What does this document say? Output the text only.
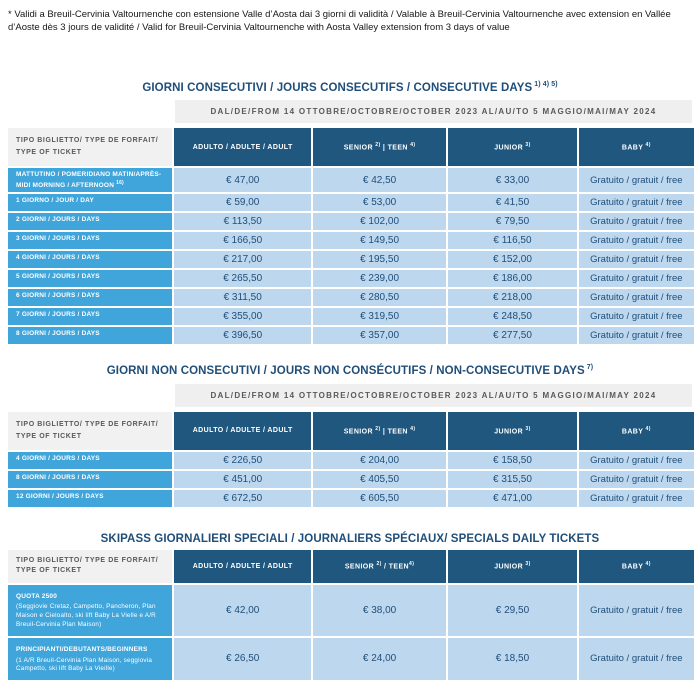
* Validi a Breuil-Cervinia Valtournenche con estensione Valle d’Aosta dai 3 giorni di validità / Valable à Breuil-Cervinia Valtournenche avec extension en Vallée d’Aoste dès 3 jours de validité / Valid for Breuil-Cervinia Valtournenche with Aosta Valley extension from 3 days of value
GIORNI CONSECUTIVI / JOURS CONSECUTIFS / CONSECUTIVE DAYS $^{1) 4) 5)}$
DAL/DE/FROM 14 OTTOBRE/OCTOBRE/OCTOBER 2023 AL/AU/TO 5 MAGGIO/MAI/MAY 2024
TIPO BIGLIETTO/ TYPE DE FORFAIT/ TYPE OF TICKET	ADULTO / ADULTE / ADULT	SENIOR $^{2)}$ | TEEN $^{4)}$	JUNIOR $^{3)}$	BABY $^{4)}$
MATTUTINO / POMERIDIANO MATIN/APRÈS-MIDI MORNING / AFTERNOON $^{16)}$	€ 47,00	€ 42,50	€ 33,00	Gratuito / gratuit / free
1 GIORNO / JOUR / DAY	€ 59,00	€ 53,00	€ 41,50	Gratuito / gratuit / free
2 GIORNI / JOURS / DAYS	€ 113,50	€ 102,00	€ 79,50	Gratuito / gratuit / free
3 GIORNI / JOURS / DAYS	€ 166,50	€ 149,50	€ 116,50	Gratuito / gratuit / free
4 GIORNI / JOURS / DAYS	€ 217,00	€ 195,50	€ 152,00	Gratuito / gratuit / free
5 GIORNI / JOURS / DAYS	€ 265,50	€ 239,00	€ 186,00	Gratuito / gratuit / free
6 GIORNI / JOURS / DAYS	€ 311,50	€ 280,50	€ 218,00	Gratuito / gratuit / free
7 GIORNI / JOURS / DAYS	€ 355,00	€ 319,50	€ 248,50	Gratuito / gratuit / free
8 GIORNI / JOURS / DAYS	€ 396,50	€ 357,00	€ 277,50	Gratuito / gratuit / free
GIORNI NON CONSECUTIVI / JOURS NON CONSÉCUTIFS / NON-CONSECUTIVE DAYS $^{7)}$
DAL/DE/FROM 14 OTTOBRE/OCTOBRE/OCTOBER 2023 AL/AU/TO 5 MAGGIO/MAI/MAY 2024
TIPO BIGLIETTO/ TYPE DE FORFAIT/ TYPE OF TICKET	ADULTO / ADULTE / ADULT	SENIOR $^{2)}$ | TEEN $^{4)}$	JUNIOR $^{3)}$	BABY $^{4)}$
4 GIORNI / JOURS / DAYS	€ 226,50	€ 204,00	€ 158,50	Gratuito / gratuit / free
8 GIORNI / JOURS / DAYS	€ 451,00	€ 405,50	€ 315,50	Gratuito / gratuit / free
12 GIORNI / JOURS / DAYS	€ 672,50	€ 605,50	€ 471,00	Gratuito / gratuit / free
SKIPASS GIORNALIERI SPECIALI / JOURNALIERS SPÉCIAUX/ SPECIALS DAILY TICKETS
TIPO BIGLIETTO/ TYPE DE FORFAIT/ TYPE OF TICKET	ADULTO / ADULTE / ADULT	SENIOR $^{2)}$ / TEEN$^{4)}$	JUNIOR $^{3)}$	BABY $^{4)}$
QUOTA 2500
(Seggiovie Cretaz, Campetto, Pancheron, Plan Maison e Cieloalto, ski lift Baby La Vielle e A/R Breuil-Cervinia Plan Maison)	€ 42,00	€ 38,00	€ 29,50	Gratuito / gratuit / free
PRINCIPIANTI/DEBUTANTS/BEGINNERS
(1 A/R Breuil-Cervinia Plan Maison, seggiovia Campetto, ski lift Baby La Vieille)	€ 26,50	€ 24,00	€ 18,50	Gratuito / gratuit / free
